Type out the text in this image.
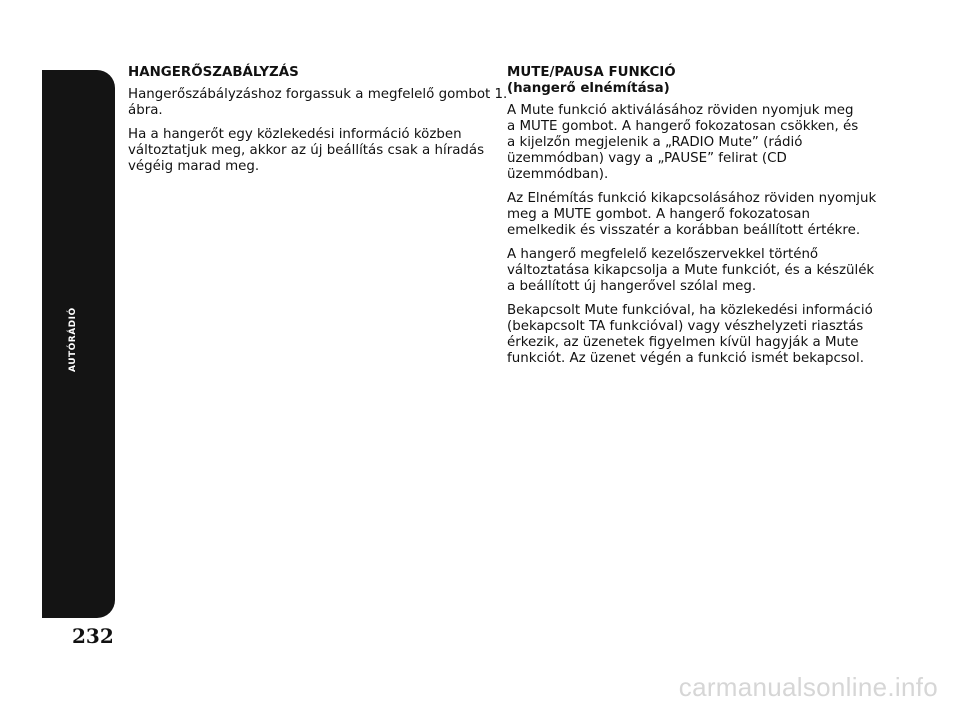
AUTÓRÁDIÓ
232
HANGERŐSZABÁLYZÁS

Hangerőszábályzáshoz forgassuk a megfelelő gombot 1.
ábra.

Ha a hangerőt egy közlekedési információ közben
változtatjuk meg, akkor az új beállítás csak a híradás
végéig marad meg.

MUTE/PAUSA FUNKCIÓ
(hangerő elnémítása)

A Mute funkció aktiválásához röviden nyomjuk meg
a MUTE gombot. A hangerő fokozatosan csökken, és
a kijelzőn megjelenik a „RADIO Mute” (rádió
üzemmódban) vagy a „PAUSE” felirat (CD
üzemmódban).

Az Elnémítás funkció kikapcsolásához röviden nyomjuk
meg a MUTE gombot. A hangerő fokozatosan
emelkedik és visszatér a korábban beállított értékre.

A hangerő megfelelő kezelőszervekkel történő
változtatása kikapcsolja a Mute funkciót, és a készülék
a beállított új hangerővel szólal meg.

Bekapcsolt Mute funkcióval, ha közlekedési információ
(bekapcsolt TA funkcióval) vagy vészhelyzeti riasztás
érkezik, az üzenetek figyelmen kívül hagyják a Mute
funkciót. Az üzenet végén a funkció ismét bekapcsol.

carmanualsonline.info
